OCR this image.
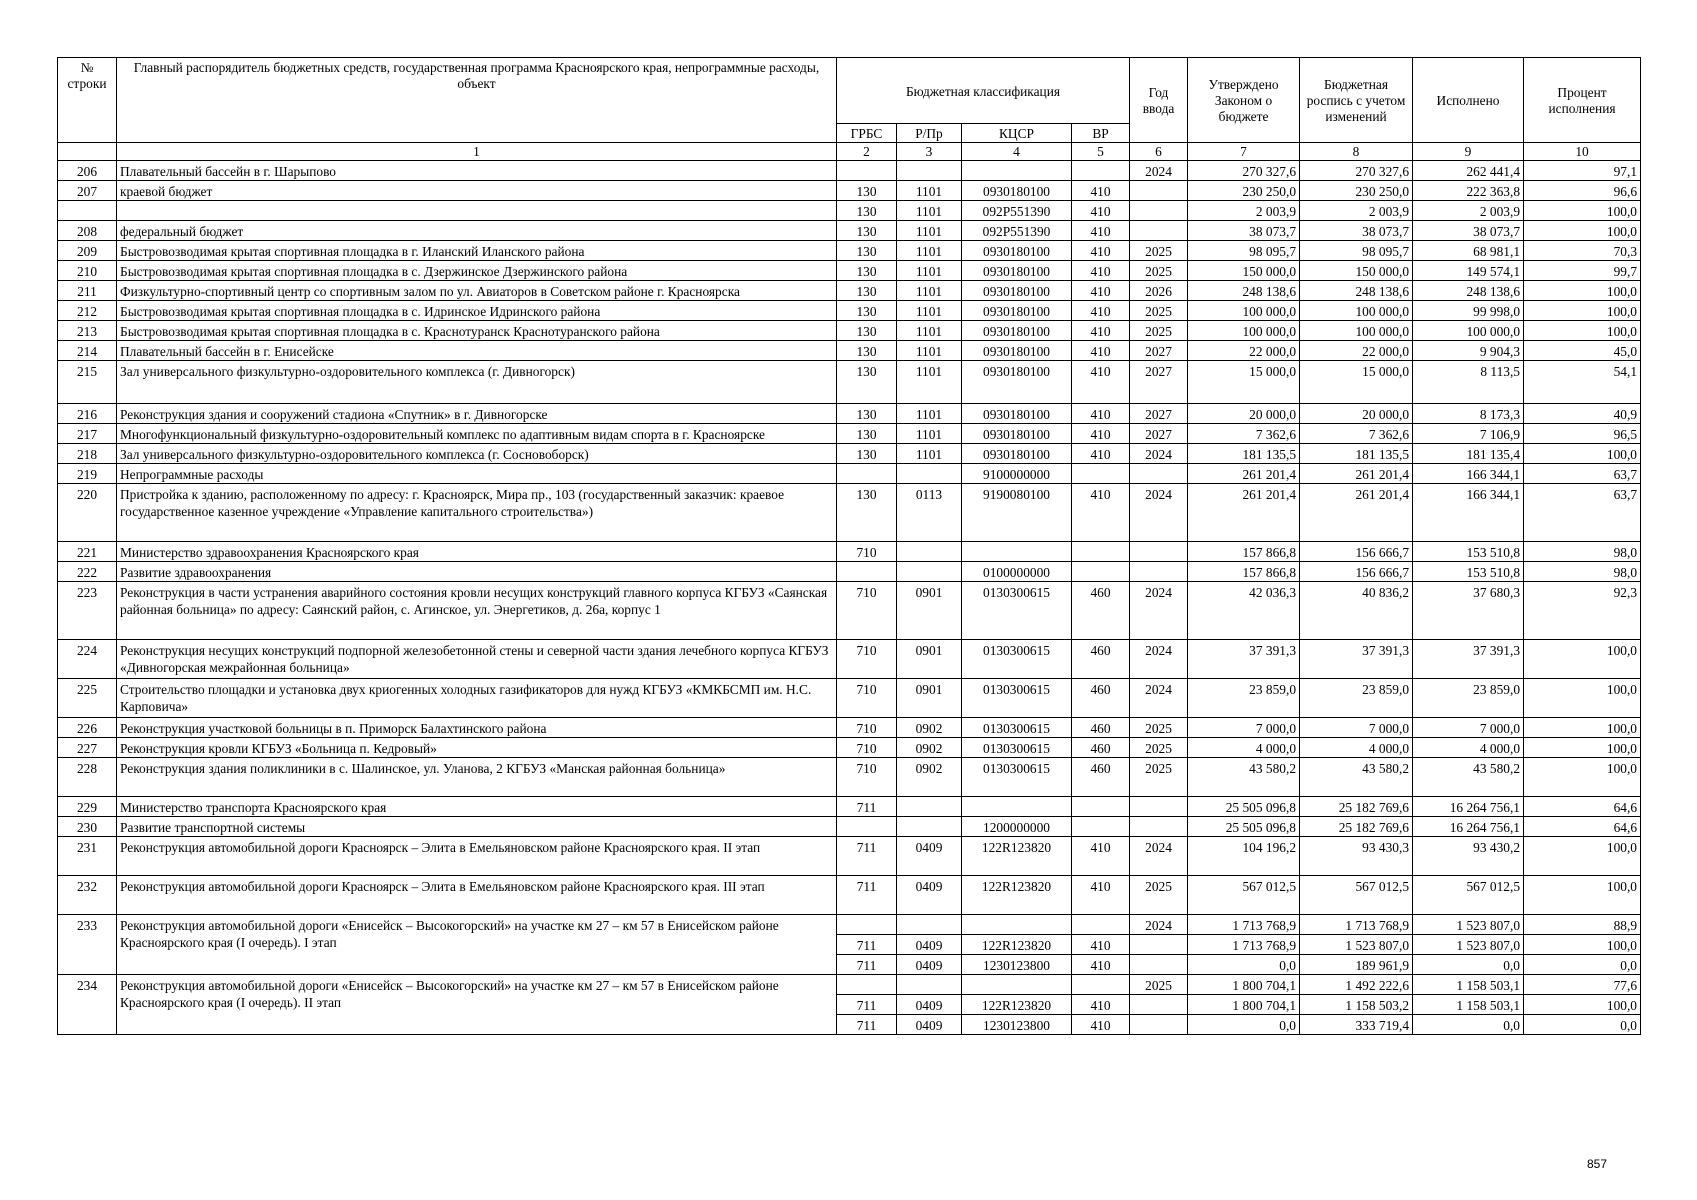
№ строки	Главный распорядитель бюджетных средств, государственная программа Красноярского края, непрограммные расходы, объект	Бюджетная классификация				Год ввода	Утверждено Законом о бюджете	Бюджетная роспись с учетом изменений	Исполнено	Процент исполнения
		ГРБС	Р/Пр	КЦСР	ВР					
	1	2	3	4	5	6	7	8	9	10
206	Плавательный бассейн в г. Шарыпово					2024	270 327,6	270 327,6	262 441,4	97,1
207	краевой бюджет	130	1101	0930180100	410		230 250,0	230 250,0	222 363,8	96,6
		130	1101	092P551390	410		2 003,9	2 003,9	2 003,9	100,0
208	федеральный бюджет	130	1101	092P551390	410		38 073,7	38 073,7	38 073,7	100,0
209	Быстровозводимая крытая спортивная площадка в г. Иланский Иланского района	130	1101	0930180100	410	2025	98 095,7	98 095,7	68 981,1	70,3
210	Быстровозводимая крытая спортивная площадка в с. Дзержинское Дзержинского района	130	1101	0930180100	410	2025	150 000,0	150 000,0	149 574,1	99,7
211	Физкультурно-спортивный центр со спортивным залом по ул. Авиаторов в Советском районе г. Красноярска	130	1101	0930180100	410	2026	248 138,6	248 138,6	248 138,6	100,0
212	Быстровозводимая крытая спортивная площадка в с. Идринское Идринского района	130	1101	0930180100	410	2025	100 000,0	100 000,0	99 998,0	100,0
213	Быстровозводимая крытая спортивная площадка в с. Краснотуранск Краснотуранского района	130	1101	0930180100	410	2025	100 000,0	100 000,0	100 000,0	100,0
214	Плавательный бассейн в г. Енисейске	130	1101	0930180100	410	2027	22 000,0	22 000,0	9 904,3	45,0
215	Зал универсального физкультурно-оздоровительного комплекса (г. Дивногорск)	130	1101	0930180100	410	2027	15 000,0	15 000,0	8 113,5	54,1
216	Реконструкция здания и сооружений стадиона «Спутник» в г. Дивногорске	130	1101	0930180100	410	2027	20 000,0	20 000,0	8 173,3	40,9
217	Многофункциональный физкультурно-оздоровительный комплекс по адаптивным видам спорта в г. Красноярске	130	1101	0930180100	410	2027	7 362,6	7 362,6	7 106,9	96,5
218	Зал универсального физкультурно-оздоровительного комплекса (г. Сосновоборск)	130	1101	0930180100	410	2024	181 135,5	181 135,5	181 135,4	100,0
219	Непрограммные расходы			9100000000			261 201,4	261 201,4	166 344,1	63,7
220	Пристройка к зданию, расположенному по адресу: г. Красноярск, Мира пр., 103 (государственный заказчик: краевое государственное казенное учреждение «Управление капитального строительства»)	130	0113	9190080100	410	2024	261 201,4	261 201,4	166 344,1	63,7
221	Министерство здравоохранения Красноярского края	710					157 866,8	156 666,7	153 510,8	98,0
222	Развитие здравоохранения			0100000000			157 866,8	156 666,7	153 510,8	98,0
223	Реконструкция в части устранения аварийного состояния кровли несущих конструкций главного корпуса КГБУЗ «Саянская районная больница» по адресу: Саянский район, с. Агинское, ул. Энергетиков, д. 26а, корпус 1	710	0901	0130300615	460	2024	42 036,3	40 836,2	37 680,3	92,3
224	Реконструкция несущих конструкций подпорной железобетонной стены и северной части здания лечебного корпуса КГБУЗ «Дивногорская межрайонная больница»	710	0901	0130300615	460	2024	37 391,3	37 391,3	37 391,3	100,0
225	Строительство площадки и установка двух криогенных холодных газификаторов для нужд КГБУЗ «КМКБСМП им. Н.С. Карповича»	710	0901	0130300615	460	2024	23 859,0	23 859,0	23 859,0	100,0
226	Реконструкция участковой больницы в п. Приморск Балахтинского района	710	0902	0130300615	460	2025	7 000,0	7 000,0	7 000,0	100,0
227	Реконструкция кровли КГБУЗ «Больница п. Кедровый»	710	0902	0130300615	460	2025	4 000,0	4 000,0	4 000,0	100,0
228	Реконструкция здания поликлиники в с. Шалинское, ул. Уланова, 2 КГБУЗ «Манская районная больница»	710	0902	0130300615	460	2025	43 580,2	43 580,2	43 580,2	100,0
229	Министерство транспорта Красноярского края	711					25 505 096,8	25 182 769,6	16 264 756,1	64,6
230	Развитие транспортной системы			1200000000			25 505 096,8	25 182 769,6	16 264 756,1	64,6
231	Реконструкция автомобильной дороги Красноярск – Элита в Емельяновском районе Красноярского края. II этап	711	0409	122R123820	410	2024	104 196,2	93 430,3	93 430,2	100,0
232	Реконструкция автомобильной дороги Красноярск – Элита в Емельяновском районе Красноярского края. III этап	711	0409	122R123820	410	2025	567 012,5	567 012,5	567 012,5	100,0
233	Реконструкция автомобильной дороги «Енисейск – Высокогорский» на участке км 27 – км 57 в Енисейском районе Красноярского края (I очередь). I этап					2024	1 713 768,9	1 713 768,9	1 523 807,0	88,9
		711	0409	122R123820	410		1 713 768,9	1 523 807,0	1 523 807,0	100,0
		711	0409	1230123800	410		0,0	189 961,9	0,0	0,0
234	Реконструкция автомобильной дороги «Енисейск – Высокогорский» на участке км 27 – км 57 в Енисейском районе Красноярского края (I очередь). II этап					2025	1 800 704,1	1 492 222,6	1 158 503,1	77,6
		711	0409	122R123820	410		1 800 704,1	1 158 503,2	1 158 503,1	100,0
		711	0409	1230123800	410		0,0	333 719,4	0,0	0,0
857
